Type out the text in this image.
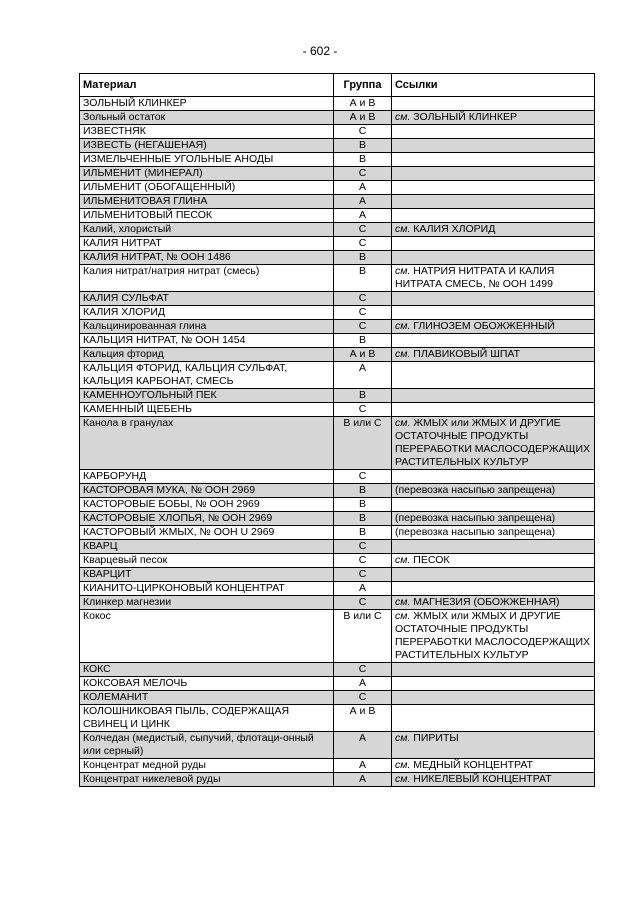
- 602 -
Материал	Группа	Ссылки
ЗОЛЬНЫЙ КЛИНКЕР	А и В	
Зольный остаток	А и В	см. ЗОЛЬНЫЙ КЛИНКЕР
ИЗВЕСТНЯК	С	
ИЗВЕСТЬ (НЕГАШЕНАЯ)	В	
ИЗМЕЛЬЧЕННЫЕ УГОЛЬНЫЕ АНОДЫ	В	
ИЛЬМЕНИТ (МИНЕРАЛ)	С	
ИЛЬМЕНИТ (ОБОГАЩЕННЫЙ)	А	
ИЛЬМЕНИТОВАЯ ГЛИНА	А	
ИЛЬМЕНИТОВЫЙ ПЕСОК	А	
Калий, хлористый	С	см. КАЛИЯ ХЛОРИД
КАЛИЯ НИТРАТ	С	
КАЛИЯ НИТРАТ, № ООН 1486	В	
Калия нитрат/натрия нитрат (смесь)	В	см. НАТРИЯ НИТРАТА И КАЛИЯ НИТРАТА СМЕСЬ, № ООН 1499
КАЛИЯ СУЛЬФАТ	С	
КАЛИЯ ХЛОРИД	С	
Кальцинированная глина	С	см. ГЛИНОЗЕМ ОБОЖЖЕННЫЙ
КАЛЬЦИЯ НИТРАТ, № ООН 1454	В	
Кальция фторид	А и В	см. ПЛАВИКОВЫЙ ШПАТ
КАЛЬЦИЯ ФТОРИД, КАЛЬЦИЯ СУЛЬФАТ, КАЛЬЦИЯ КАРБОНАТ, СМЕСЬ	А	
КАМЕННОУГОЛЬНЫЙ ПЕК	В	
КАМЕННЫЙ ЩЕБЕНЬ	С	
Канола в гранулах	В или С	см. ЖМЫХ или ЖМЫХ И ДРУГИЕ ОСТАТОЧНЫЕ ПРОДУКТЫ ПЕРЕРАБОТКИ МАСЛОСОДЕРЖАЩИХ РАСТИТЕЛЬНЫХ КУЛЬТУР
КАРБОРУНД	С	
КАСТОРОВАЯ МУКА, № ООН 2969	В	(перевозка насыпью запрещена)
КАСТОРОВЫЕ БОБЫ, № ООН 2969	В	
КАСТОРОВЫЕ ХЛОПЬЯ, № ООН 2969	В	(перевозка насыпью запрещена)
КАСТОРОВЫЙ ЖМЫХ, № ООН U 2969	В	(перевозка насыпью запрещена)
КВАРЦ	С	
Кварцевый песок	С	см. ПЕСОК
КВАРЦИТ	С	
КИАНИТО-ЦИРКОНОВЫЙ КОНЦЕНТРАТ	А	
Клинкер магнезии	С	см. МАГНЕЗИЯ (ОБОЖЖЕННАЯ)
Кокос	В или С	см. ЖМЫХ или ЖМЫХ И ДРУГИЕ ОСТАТОЧНЫЕ ПРОДУКТЫ ПЕРЕРАБОТКИ МАСЛОСОДЕРЖАЩИХ РАСТИТЕЛЬНЫХ КУЛЬТУР
КОКС	С	
КОКСОВАЯ МЕЛОЧЬ	А	
КОЛЕМАНИТ	С	
КОЛОШНИКОВАЯ ПЫЛЬ, СОДЕРЖАЩАЯ СВИНЕЦ И ЦИНК	А и В	
Колчедан (медистый, сыпучий, флотаци-онный или серный)	А	см. ПИРИТЫ
Концентрат медной руды	А	см. МЕДНЫЙ КОНЦЕНТРАТ
Концентрат никелевой руды	А	см. НИКЕЛЕВЫЙ КОНЦЕНТРАТ
